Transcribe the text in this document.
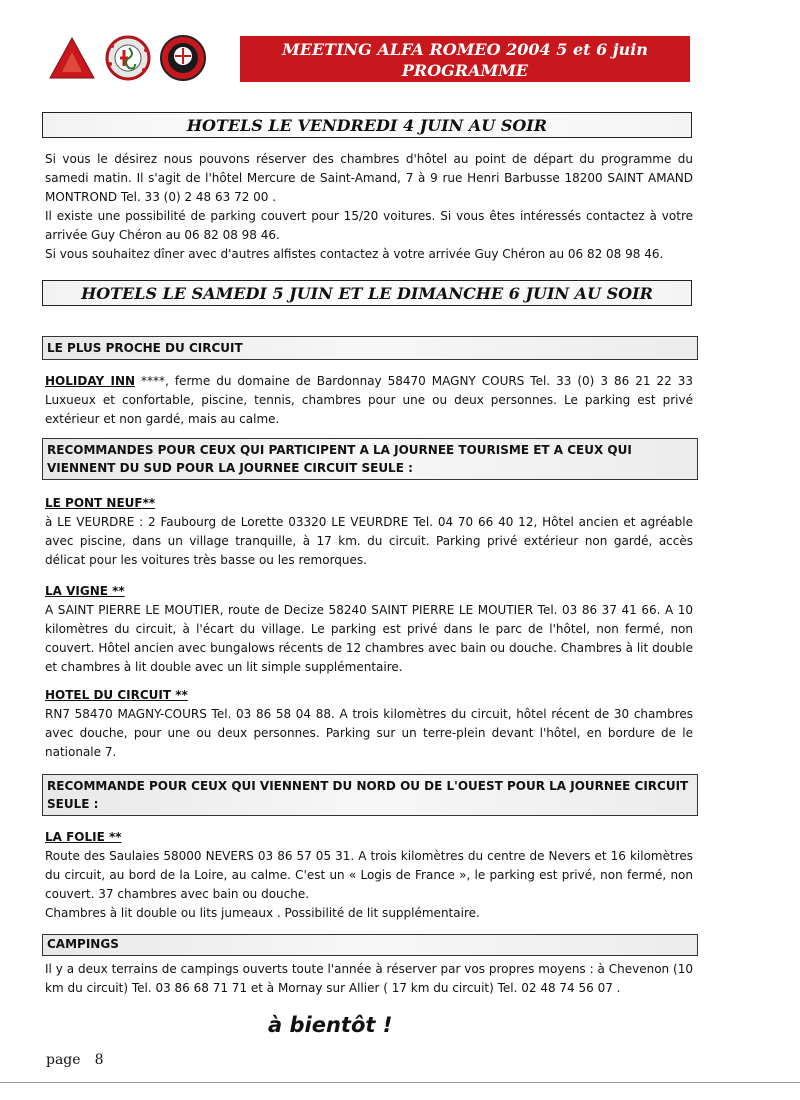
MEETING ALFA ROMEO 2004 5 et 6 juin
PROGRAMME
HOTELS LE VENDREDI 4 JUIN AU SOIR

Si vous le désirez nous pouvons réserver des chambres d'hôtel au point de départ du programme du samedi matin. Il s'agit de l'hôtel Mercure de Saint-Amand, 7 à 9 rue Henri Barbusse 18200 SAINT AMAND MONTROND Tel. 33 (0) 2 48 63 72 00 .

Il existe une possibilité de parking couvert pour 15/20 voitures. Si vous êtes intéressés contactez à votre arrivée Guy Chéron au 06 82 08 98 46.

Si vous souhaitez dîner avec d'autres alfistes contactez à votre arrivée Guy Chéron au 06 82 08 98 46.

HOTELS LE SAMEDI 5 JUIN ET LE DIMANCHE 6 JUIN AU SOIR
LE PLUS PROCHE DU CIRCUIT

HOLIDAY INN ****, ferme du domaine de Bardonnay 58470 MAGNY COURS Tel. 33 (0) 3 86 21 22 33 Luxueux et confortable, piscine, tennis, chambres pour une ou deux personnes. Le parking est privé extérieur et non gardé, mais au calme.

RECOMMANDES POUR CEUX QUI PARTICIPENT A LA JOURNEE TOURISME ET A CEUX QUI VIENNENT DU SUD POUR LA JOURNEE CIRCUIT SEULE :

LE PONT NEUF**

à LE VEURDRE : 2 Faubourg de Lorette 03320 LE VEURDRE Tel. 04 70 66 40 12, Hôtel ancien et agréable avec piscine, dans un village tranquille, à 17 km. du circuit. Parking privé extérieur non gardé, accès délicat pour les voitures très basse ou les remorques.

LA VIGNE **

A SAINT PIERRE LE MOUTIER, route de Decize 58240 SAINT PIERRE LE MOUTIER Tel. 03 86 37 41 66. A 10 kilomètres du circuit, à l'écart du village. Le parking est privé dans le parc de l'hôtel, non fermé, non couvert. Hôtel ancien avec bungalows récents de 12 chambres avec bain ou douche. Chambres à lit double et chambres à lit double avec un lit simple supplémentaire.

HOTEL DU CIRCUIT **

RN7 58470 MAGNY-COURS Tel. 03 86 58 04 88. A trois kilomètres du circuit, hôtel récent de 30 chambres avec douche, pour une ou deux personnes. Parking sur un terre-plein devant l'hôtel, en bordure de le nationale 7.

RECOMMANDE POUR CEUX QUI VIENNENT DU NORD OU DE L'OUEST POUR LA JOURNEE CIRCUIT SEULE :

LA FOLIE **

Route des Saulaies 58000 NEVERS 03 86 57 05 31. A trois kilomètres du centre de Nevers et 16 kilomètres du circuit, au bord de la Loire, au calme. C'est un « Logis de France », le parking est privé, non fermé, non couvert. 37 chambres avec bain ou douche.

Chambres à lit double ou lits jumeaux . Possibilité de lit supplémentaire.

CAMPINGS
Il y a deux terrains de campings ouverts toute l'année à réserver par vos propres moyens : à Chevenon (10 km du circuit) Tel. 03 86 68 71 71 et à Mornay sur Allier ( 17 km du circuit) Tel. 02 48 74 56 07 .
à bientôt !
page 8
